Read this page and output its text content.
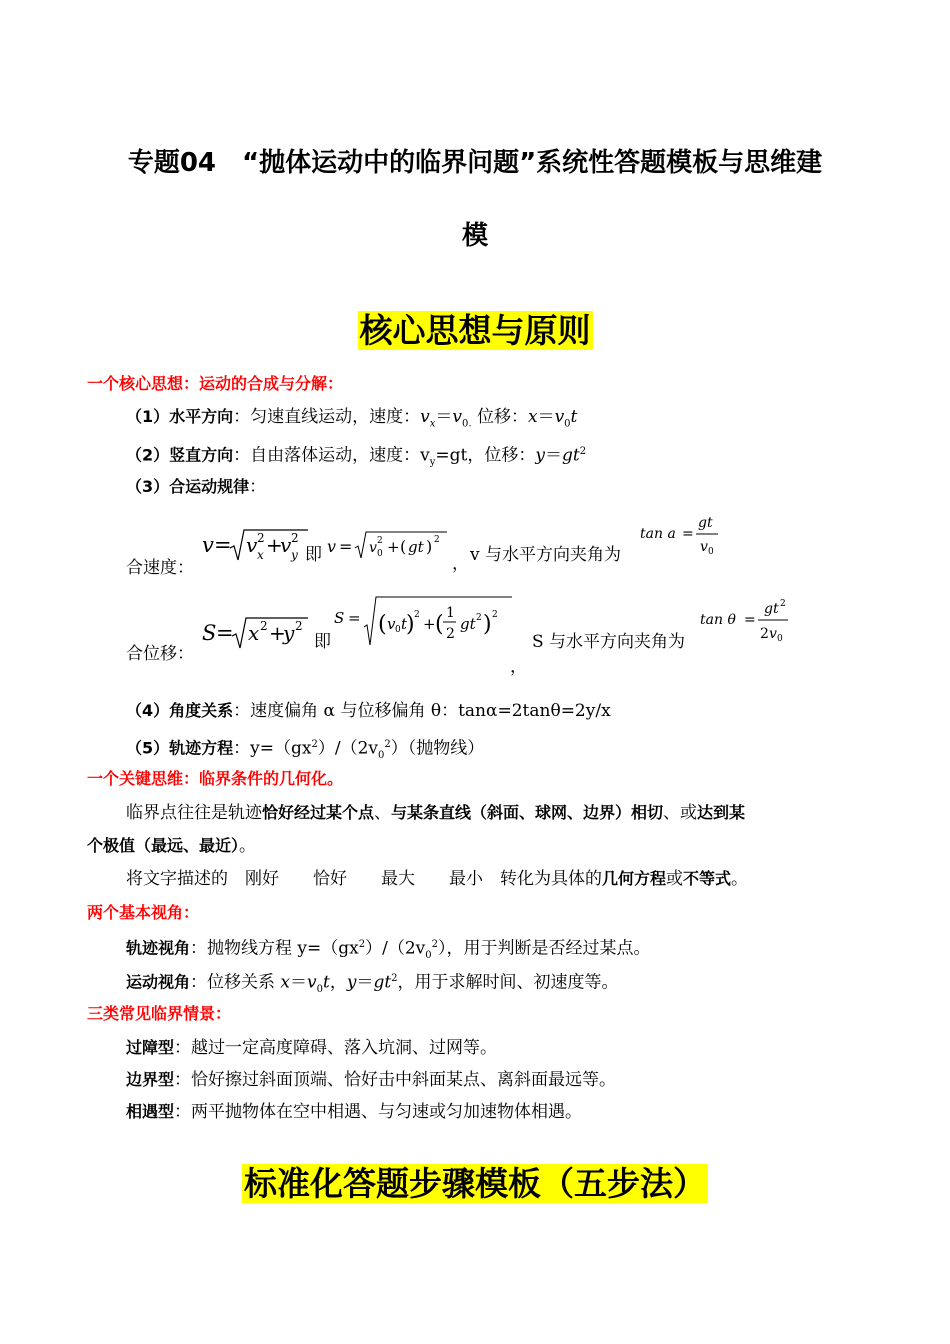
专题04　“抛体运动中的临界问题”系统性答题模板与思维建
模
核心思想与原则
一个核心思想：运动的合成与分解：
（1）水平方向：匀速直线运动，速度：$v_x=v_{0.}$ 位移：$x=v_0t$
（2）竖直方向：自由落体运动，速度：$v_y=gt$，位移：$y=gt^2$
（3）合运动规律：
合速度：
v = v 2
x +
v 2
y 即 v = v 2
0 + ( gt ) 2
， v 与水平方向夹角为
tan a =
gt
v 0
合位移：
S = x 2 +
y 2
即
S = ( v 0 t
) 2 + ( 1
2
gt 2 ) 2
，
S 与水平方向夹角为
tan θ =
gt 2
2 v 0
（4）角度关系：速度偏角 α 与位移偏角 θ：tanα=2tanθ=2y/x
（5）轨迹方程：$y=(gx^2)/(2v_0^2)$（抛物线）
一个关键思维：临界条件的几何化。
临界点往往是轨迹恰好经过某个点、与某条直线（斜面、球网、边界）相切、或达到某
个极值（最远、最近）。
将文字描述的　刚好　　恰好　　最大　　最小　转化为具体的几何方程或不等式。
两个基本视角：
轨迹视角：抛物线方程 $y=(gx^2)/(2v_0^2)$，用于判断是否经过某点。
运动视角：位移关系 $x=v_0t$，$y=gt^2$，用于求解时间、初速度等。
三类常见临界情景：
过障型：越过一定高度障碍、落入坑洞、过网等。
边界型：恰好擦过斜面顶端、恰好击中斜面某点、离斜面最远等。
相遇型：两平抛物体在空中相遇、与匀速或匀加速物体相遇。
标准化答题步骤模板（五步法）
